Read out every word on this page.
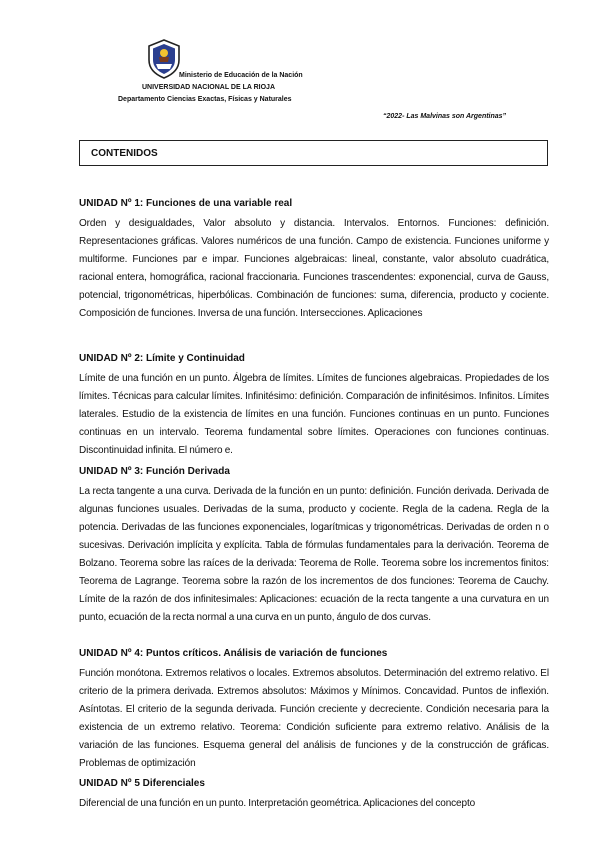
Ministerio de Educación de la Nación
UNIVERSIDAD NACIONAL DE LA RIOJA
Departamento Ciencias Exactas, Físicas y Naturales
“2022- Las Malvinas son Argentinas”
CONTENIDOS
UNIDAD Nº 1: Funciones de una variable real
Orden y desigualdades, Valor absoluto y distancia. Intervalos. Entornos. Funciones: definición. Representaciones gráficas. Valores numéricos de una función. Campo de existencia. Funciones uniforme y multiforme. Funciones par e impar. Funciones algebraicas: lineal, constante, valor absoluto cuadrática, racional entera, homográfica, racional fraccionaria. Funciones trascendentes: exponencial, curva de Gauss, potencial, trigonométricas, hiperbólicas. Combinación de funciones: suma, diferencia, producto y cociente. Composición de funciones. Inversa de una función. Intersecciones. Aplicaciones
UNIDAD Nº 2: Límite y Continuidad
Límite de una función en un punto. Álgebra de límites. Límites de funciones algebraicas. Propiedades de los límites. Técnicas para calcular límites. Infinitésimo: definición. Comparación de infinitésimos. Infinitos. Límites laterales. Estudio de la existencia de límites en una función. Funciones continuas en un punto. Funciones continuas en un intervalo. Teorema fundamental sobre límites. Operaciones con funciones continuas. Discontinuidad infinita. El número e.
UNIDAD Nº 3: Función Derivada
La recta tangente a una curva. Derivada de la función en un punto: definición. Función derivada. Derivada de algunas funciones usuales. Derivadas de la suma, producto y cociente. Regla de la cadena. Regla de la potencia. Derivadas de las funciones exponenciales, logarítmicas y trigonométricas. Derivadas de orden n o sucesivas. Derivación implícita y explícita. Tabla de fórmulas fundamentales para la derivación. Teorema de Bolzano. Teorema sobre las raíces de la derivada: Teorema de Rolle. Teorema sobre los incrementos finitos: Teorema de Lagrange. Teorema sobre la razón de los incrementos de dos funciones: Teorema de Cauchy. Límite de la razón de dos infinitesimales: Aplicaciones: ecuación de la recta tangente a una curvatura en un punto, ecuación de la recta normal a una curva en un punto, ángulo de dos curvas.
UNIDAD Nº 4: Puntos críticos. Análisis de variación de funciones
Función monótona. Extremos relativos o locales. Extremos absolutos. Determinación del extremo relativo. El criterio de la primera derivada. Extremos absolutos: Máximos y Mínimos. Concavidad. Puntos de inflexión. Asíntotas. El criterio de la segunda derivada. Función creciente y decreciente. Condición necesaria para la existencia de un extremo relativo. Teorema: Condición suficiente para extremo relativo. Análisis de la variación de las funciones. Esquema general del análisis de funciones y de la construcción de gráficas. Problemas de optimización
UNIDAD Nº 5 Diferenciales
Diferencial de una función en un punto. Interpretación geométrica. Aplicaciones del concepto
